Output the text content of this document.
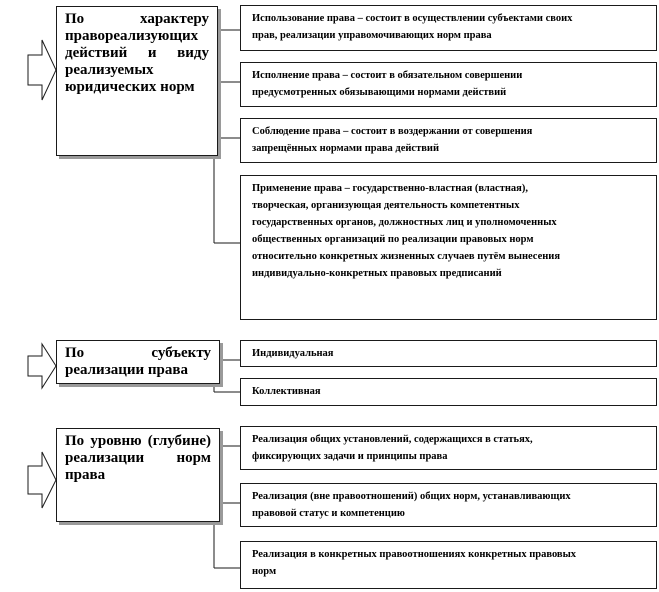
По характеру правореализующих действий и виду реализуемых юридических норм
Использование права – состоит в осуществлении субъектами своих
прав, реализации управомочивающих норм права
Исполнение права – состоит в обязательном совершении
предусмотренных обязывающими нормами действий
Соблюдение права – состоит в воздержании от совершения
запрещённых нормами права действий
Применение права – государственно-властная (властная),
творческая, организующая деятельность компетентных
государственных органов, должностных лиц и уполномоченных
общественных организаций по реализации правовых норм
относительно конкретных жизненных случаев путём вынесения
индивидуально-конкретных правовых предписаний
По субъекту реализации права
Индивидуальная
Коллективная
По уровню (глубине) реализации норм права
Реализация общих установлений, содержащихся в статьях,
фиксирующих задачи и принципы права
Реализация (вне правоотношений) общих норм, устанавливающих
правовой статус и компетенцию
Реализация в конкретных правоотношениях конкретных правовых
норм
